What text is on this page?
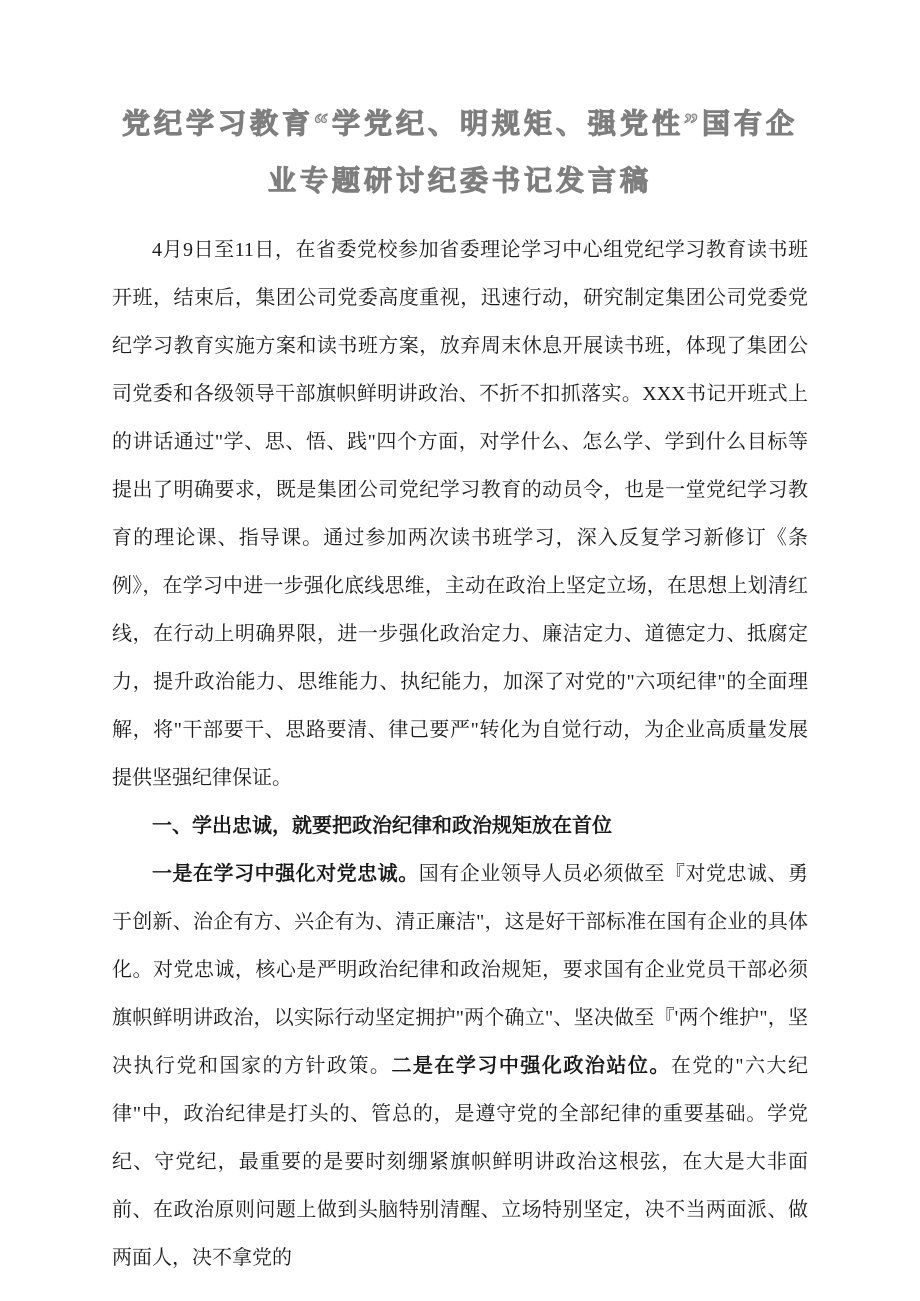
党纪学习教育“学党纪、明规矩、强党性”国有企
业专题研讨纪委书记发言稿

4月9日至11日，在省委党校参加省委理论学习中心组党纪学习教育读书班开班，结束后，集团公司党委高度重视，迅速行动，研究制定集团公司党委党纪学习教育实施方案和读书班方案，放弃周末休息开展读书班，体现了集团公司党委和各级领导干部旗帜鲜明讲政治、不折不扣抓落实。XXX书记开班式上的讲话通过"学、思、悟、践"四个方面，对学什么、怎么学、学到什么目标等提出了明确要求，既是集团公司党纪学习教育的动员令，也是一堂党纪学习教育的理论课、指导课。通过参加两次读书班学习，深入反复学习新修订《条例》，在学习中进一步强化底线思维，主动在政治上坚定立场，在思想上划清红线，在行动上明确界限，进一步强化政治定力、廉洁定力、道德定力、抵腐定力，提升政治能力、思维能力、执纪能力，加深了对党的"六项纪律"的全面理解，将"干部要干、思路要清、律己要严"转化为自觉行动，为企业高质量发展提供坚强纪律保证。

一、学出忠诚，就要把政治纪律和政治规矩放在首位

一是在学习中强化对党忠诚。国有企业领导人员必须做至『对党忠诚、勇于创新、治企有方、兴企有为、清正廉洁"，这是好干部标准在国有企业的具体化。对党忠诚，核心是严明政治纪律和政治规矩，要求国有企业党员干部必须旗帜鲜明讲政治，以实际行动坚定拥护"两个确立"、坚决做至『'两个维护"，坚决执行党和国家的方针政策。二是在学习中强化政治站位。在党的"六大纪律"中，政治纪律是打头的、管总的，是遵守党的全部纪律的重要基础。学党纪、守党纪，最重要的是要时刻绷紧旗帜鲜明讲政治这根弦，在大是大非面前、在政治原则问题上做到头脑特别清醒、立场特别坚定，决不当两面派、做两面人，决不拿党的
